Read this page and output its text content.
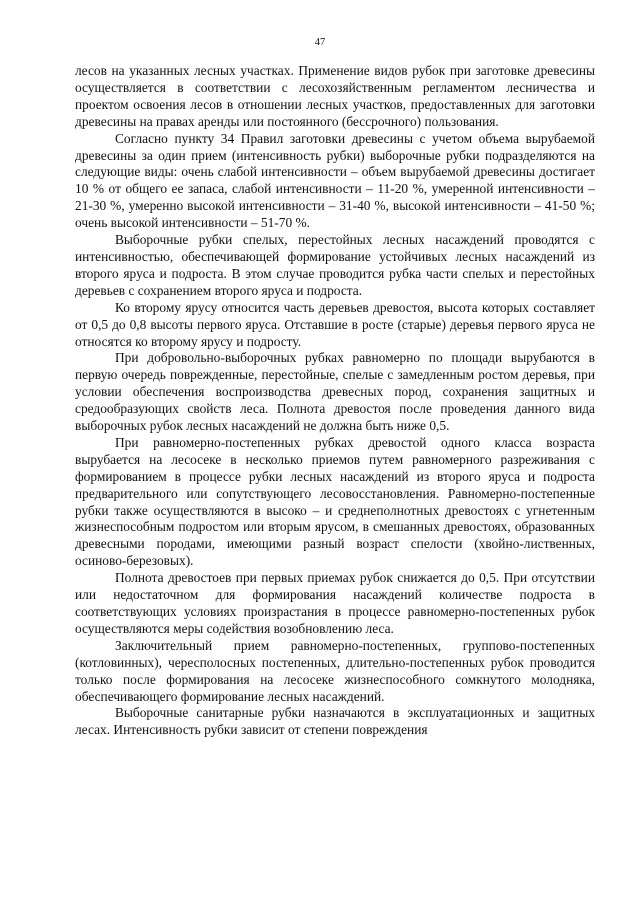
47

лесов на указанных лесных участках. Применение видов рубок при заготовке древесины осуществляется в соответствии с лесохозяйственным регламентом лесничества и проектом освоения лесов в отношении лесных участков, предоставленных для заготовки древесины на правах аренды или постоянного (бессрочного) пользования.

Согласно пункту 34 Правил заготовки древесины с учетом объема вырубаемой древесины за один прием (интенсивность рубки) выборочные рубки подразделяются на следующие виды: очень слабой интенсивности – объем вырубаемой древесины достигает 10 % от общего ее запаса, слабой интенсивности – 11-20 %, умеренной интенсивности – 21-30 %, умеренно высокой интенсивности – 31-40 %, высокой интенсивности – 41-50 %; очень высокой интенсивности – 51-70 %.

Выборочные рубки спелых, перестойных лесных насаждений проводятся с интенсивностью, обеспечивающей формирование устойчивых лесных насаждений из второго яруса и подроста. В этом случае проводится рубка части спелых и перестойных деревьев с сохранением второго яруса и подроста.

Ко второму ярусу относится часть деревьев древостоя, высота которых составляет от 0,5 до 0,8 высоты первого яруса. Отставшие в росте (старые) деревья первого яруса не относятся ко второму ярусу и подросту.

При добровольно-выборочных рубках равномерно по площади вырубаются в первую очередь поврежденные, перестойные, спелые с замедленным ростом деревья, при условии обеспечения воспроизводства древесных пород, сохранения защитных и средообразующих свойств леса. Полнота древостоя после проведения данного вида выборочных рубок лесных насаждений не должна быть ниже 0,5.

При равномерно-постепенных рубках древостой одного класса возраста вырубается на лесосеке в несколько приемов путем равномерного разреживания с формированием в процессе рубки лесных насаждений из второго яруса и подроста предварительного или сопутствующего лесовосстановления. Равномерно-постепенные рубки также осуществляются в высоко – и среднеполнотных древостоях с угнетенным жизнеспособным подростом или вторым ярусом, в смешанных древостоях, образованных древесными породами, имеющими разный возраст спелости (хвойно-лиственных, осиново-березовых).

Полнота древостоев при первых приемах рубок снижается до 0,5. При отсутствии или недостаточном для формирования насаждений количестве подроста в соответствующих условиях произрастания в процессе равномерно-постепенных рубок осуществляются меры содействия возобновлению леса.

Заключительный прием равномерно-постепенных, группово-постепенных (котловинных), чересполосных постепенных, длительно-постепенных рубок проводится только после формирования на лесосеке жизнеспособного сомкнутого молодняка, обеспечивающего формирование лесных насаждений.

Выборочные санитарные рубки назначаются в эксплуатационных и защитных лесах. Интенсивность рубки зависит от степени повреждения
